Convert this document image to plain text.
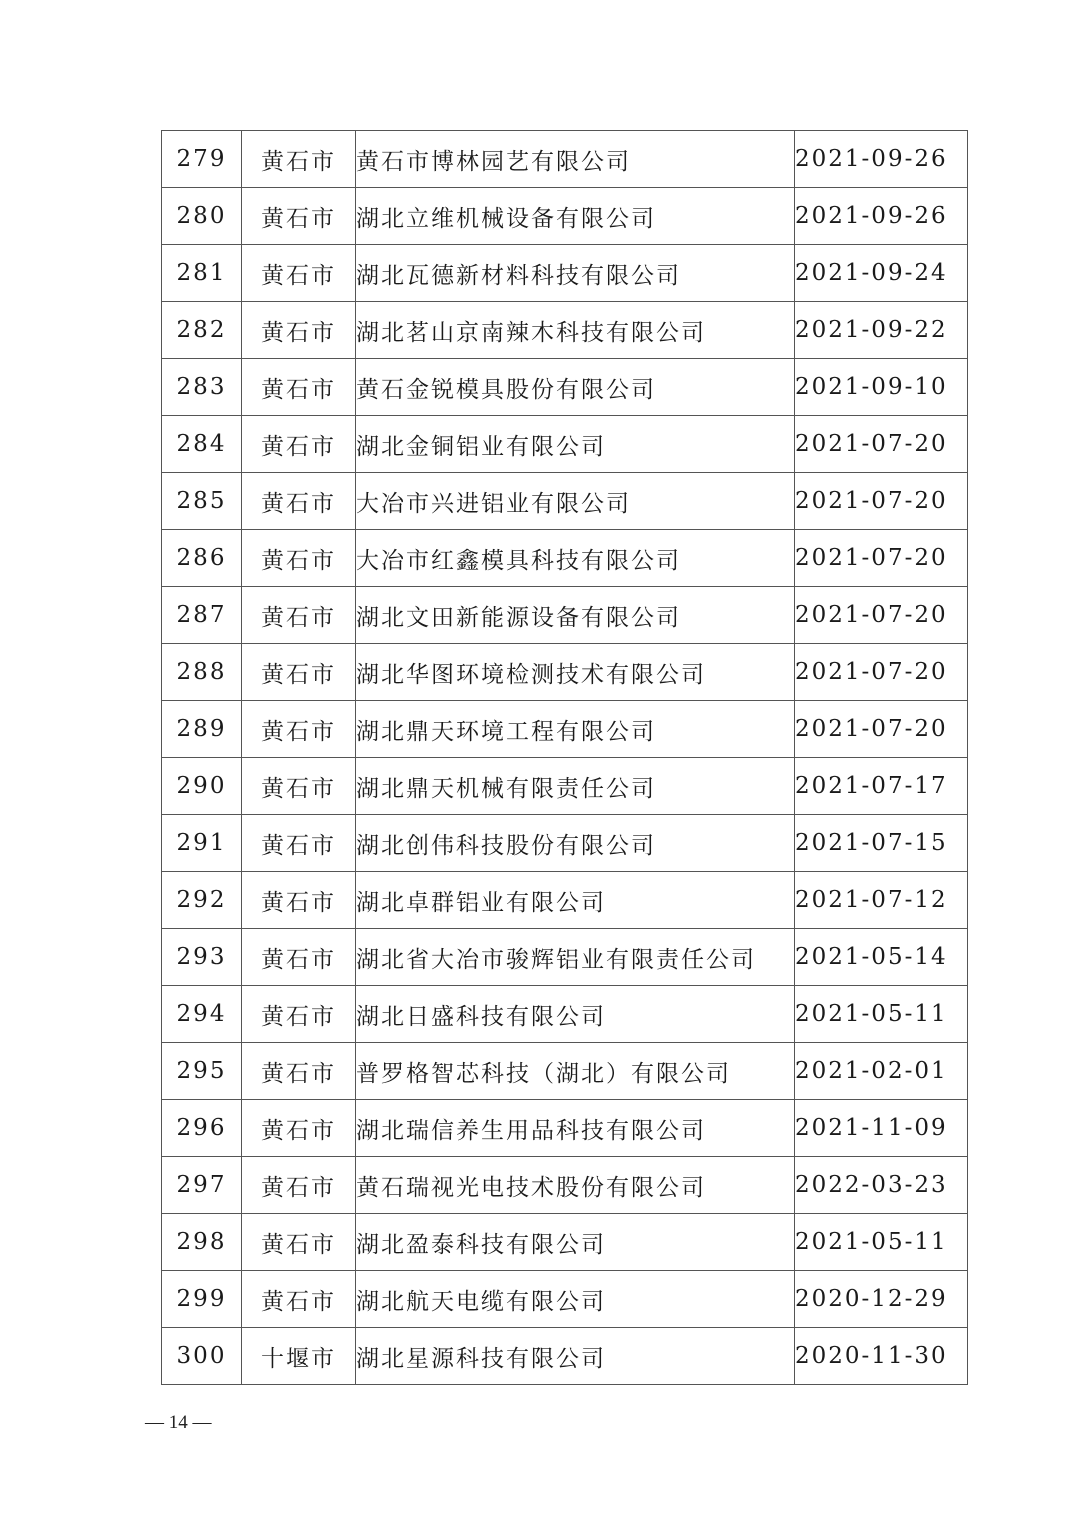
279	黄石市	黄石市博林园艺有限公司	2021-09-26
280	黄石市	湖北立维机械设备有限公司	2021-09-26
281	黄石市	湖北瓦德新材料科技有限公司	2021-09-24
282	黄石市	湖北茗山京南辣木科技有限公司	2021-09-22
283	黄石市	黄石金锐模具股份有限公司	2021-09-10
284	黄石市	湖北金铜铝业有限公司	2021-07-20
285	黄石市	大冶市兴进铝业有限公司	2021-07-20
286	黄石市	大冶市红鑫模具科技有限公司	2021-07-20
287	黄石市	湖北文田新能源设备有限公司	2021-07-20
288	黄石市	湖北华图环境检测技术有限公司	2021-07-20
289	黄石市	湖北鼎天环境工程有限公司	2021-07-20
290	黄石市	湖北鼎天机械有限责任公司	2021-07-17
291	黄石市	湖北创伟科技股份有限公司	2021-07-15
292	黄石市	湖北卓群铝业有限公司	2021-07-12
293	黄石市	湖北省大冶市骏辉铝业有限责任公司	2021-05-14
294	黄石市	湖北日盛科技有限公司	2021-05-11
295	黄石市	普罗格智芯科技（湖北）有限公司	2021-02-01
296	黄石市	湖北瑞信养生用品科技有限公司	2021-11-09
297	黄石市	黄石瑞视光电技术股份有限公司	2022-03-23
298	黄石市	湖北盈泰科技有限公司	2021-05-11
299	黄石市	湖北航天电缆有限公司	2020-12-29
300	十堰市	湖北星源科技有限公司	2020-11-30
— 14 —
